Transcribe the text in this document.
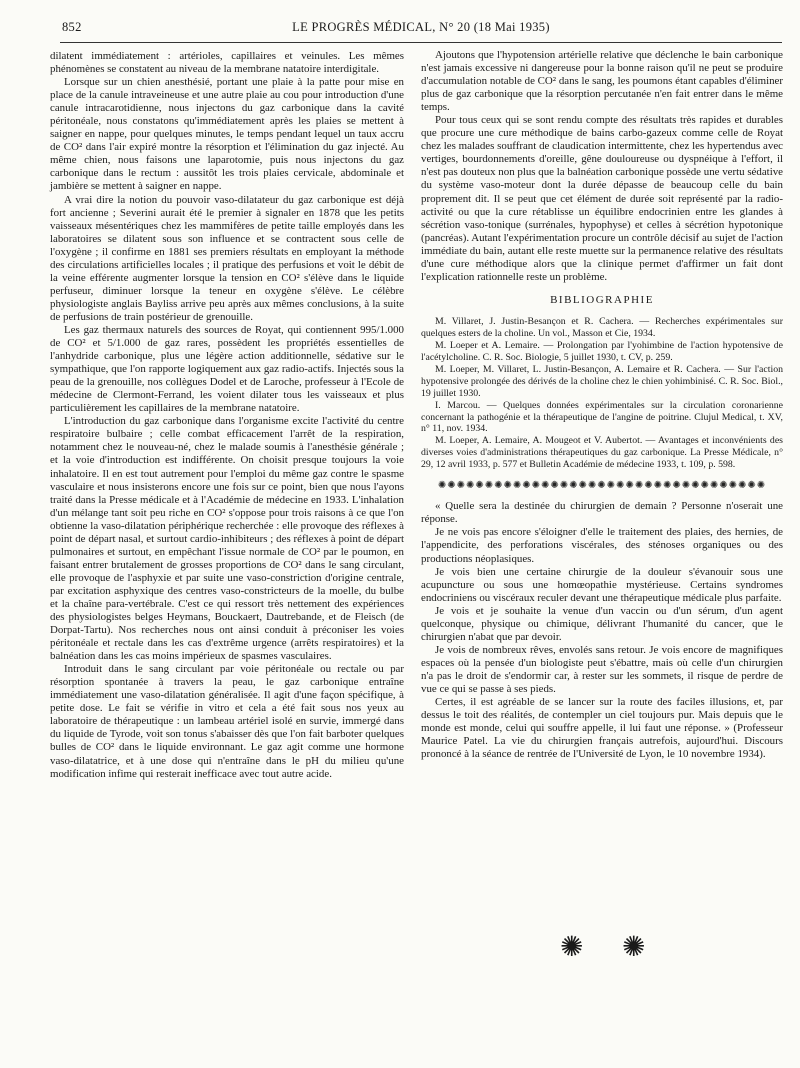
852	LE PROGRÈS MÉDICAL, N° 20 (18 Mai 1935)

dilatent immédiatement : artérioles, capillaires et veinules. Les mêmes phénomènes se constatent au niveau de la membrane natatoire interdigitale.

Lorsque sur un chien anesthésié, portant une plaie à la patte pour mise en place de la canule intraveineuse et une autre plaie au cou pour introduction d'une canule intracarotidienne, nous injectons du gaz carbonique dans la cavité péritonéale, nous constatons qu'immédiatement après les plaies se mettent à saigner en nappe, pour quelques minutes, le temps pendant lequel un taux accru de CO² dans l'air expiré montre la résorption et l'élimination du gaz injecté. Au même chien, nous faisons une laparotomie, puis nous injectons du gaz carbonique dans le rectum : aussitôt les trois plaies cervicale, abdominale et jambière se mettent à saigner en nappe.

A vrai dire la notion du pouvoir vaso-dilatateur du gaz carbonique est déjà fort ancienne ; Severini aurait été le premier à signaler en 1878 que les petits vaisseaux mésentériques chez les mammifères de petite taille employés dans les laboratoires se dilatent sous son influence et se contractent sous celle de l'oxygène ; il confirme en 1881 ses premiers résultats en employant la méthode des circulations artificielles locales ; il pratique des perfusions et voit le débit de la veine efférente augmenter lorsque la tension en CO² s'élève dans le liquide perfuseur, diminuer lorsque la teneur en oxygène s'élève. Le célèbre physiologiste anglais Bayliss arrive peu après aux mêmes conclusions, à la suite de perfusions de train postérieur de grenouille.

Les gaz thermaux naturels des sources de Royat, qui contiennent 995/1.000 de CO² et 5/1.000 de gaz rares, possèdent les propriétés essentielles de l'anhydride carbonique, plus une légère action additionnelle, sédative sur le sympathique, que l'on rapporte logiquement aux gaz radio-actifs. Injectés sous la peau de la grenouille, nos collègues Dodel et de Laroche, professeur à l'Ecole de médecine de Clermont-Ferrand, les voient dilater tous les vaisseaux et plus particulièrement les capillaires de la membrane natatoire.

L'introduction du gaz carbonique dans l'organisme excite l'activité du centre respiratoire bulbaire ; celle combat efficacement l'arrêt de la respiration, notamment chez le nouveau-né, chez le malade soumis à l'anesthésie générale ; et la voie d'introduction est indifférente. On choisit presque toujours la voie inhalatoire. Il en est tout autrement pour l'emploi du même gaz contre le spasme vasculaire et nous insisterons encore une fois sur ce point, bien que nous l'ayons traité dans la Presse médicale et à l'Académie de médecine en 1933. L'inhalation d'un mélange tant soit peu riche en CO² s'oppose pour trois raisons à ce que l'on obtienne la vaso-dilatation périphérique recherchée : elle provoque des réflexes à point de départ nasal, et surtout cardio-inhibiteurs ; des réflexes à point de départ pulmonaires et surtout, en empêchant l'issue normale de CO² par le poumon, en faisant entrer brutalement de grosses proportions de CO² dans le sang circulant, elle provoque de l'asphyxie et par suite une vaso-constriction d'origine centrale, par excitation asphyxique des centres vaso-constricteurs de la moelle, du bulbe et la chaîne para-vertébrale. C'est ce qui ressort très nettement des expériences des physiologistes belges Heymans, Bouckaert, Dautrebande, et de Fleisch (de Dorpat-Tartu). Nos recherches nous ont ainsi conduit à préconiser les voies péritonéale et rectale dans les cas d'extrême urgence (arrêts respiratoires) et la balnéation dans les cas moins impérieux de spasmes vasculaires.

Introduit dans le sang circulant par voie péritonéale ou rectale ou par résorption spontanée à travers la peau, le gaz carbonique entraîne immédiatement une vaso-dilatation généralisée. Il agit d'une façon spécifique, à petite dose. Le fait se vérifie in vitro et cela a été fait sous nos yeux au laboratoire de thérapeutique : un lambeau artériel isolé en survie, immergé dans du liquide de Tyrode, voit son tonus s'abaisser dès que l'on fait barboter quelques bulles de CO² dans le liquide environnant. Le gaz agit comme une hormone vaso-dilatatrice, et à une dose qui n'entraîne dans le pH du milieu qu'une modification infime qui resterait inefficace avec tout autre acide.

Ajoutons que l'hypotension artérielle relative que déclenche le bain carbonique n'est jamais excessive ni dangereuse pour la bonne raison qu'il ne peut se produire d'accumulation notable de CO² dans le sang, les poumons étant capables d'éliminer plus de gaz carbonique que la résorption percutanée n'en fait entrer dans le même temps.

Pour tous ceux qui se sont rendu compte des résultats très rapides et durables que procure une cure méthodique de bains carbo-gazeux comme celle de Royat chez les malades souffrant de claudication intermittente, chez les hypertendus avec vertiges, bourdonnements d'oreille, gêne douloureuse ou dyspnéique à l'effort, il n'est pas douteux non plus que la balnéation carbonique possède une vertu sédative du système vaso-moteur dont la durée dépasse de beaucoup celle du bain proprement dit. Il se peut que cet élément de durée soit représenté par la radio-activité ou que la cure rétablisse un équilibre endocrinien entre les glandes à sécrétion vaso-tonique (surrénales, hypophyse) et celles à sécrétion hypotonique (pancréas). Autant l'expérimentation procure un contrôle décisif au sujet de l'action immédiate du bain, autant elle reste muette sur la permanence relative des résultats d'une cure méthodique alors que la clinique permet d'affirmer un fait dont l'explication rationnelle reste un problème.

BIBLIOGRAPHIE

M. Villaret, J. Justin-Besançon et R. Cachera. — Recherches expérimentales sur quelques esters de la choline. Un vol., Masson et Cie, 1934.

M. Loeper et A. Lemaire. — Prolongation par l'yohimbine de l'action hypotensive de l'acétylcholine. C. R. Soc. Biologie, 5 juillet 1930, t. CV, p. 259.

M. Loeper, M. Villaret, L. Justin-Besançon, A. Lemaire et R. Cachera. — Sur l'action hypotensive prolongée des dérivés de la choline chez le chien yohimbinisé. C. R. Soc. Biol., 19 juillet 1930.

I. Marcou. — Quelques données expérimentales sur la circulation coronarienne concernant la pathogénie et la thérapeutique de l'angine de poitrine. Clujul Medical, t. XV, n° 11, nov. 1934.

M. Loeper, A. Lemaire, A. Mougeot et V. Aubertot. — Avantages et inconvénients des diverses voies d'administrations thérapeutiques du gaz carbonique. La Presse Médicale, n° 29, 12 avril 1933, p. 577 et Bulletin Académie de médecine 1933, t. 109, p. 598.

✺✺✺✺✺✺✺✺✺✺✺✺✺✺✺✺✺✺✺✺✺✺✺✺✺✺✺✺✺✺✺✺✺✺✺

« Quelle sera la destinée du chirurgien de demain ? Personne n'oserait une réponse.

Je ne vois pas encore s'éloigner d'elle le traitement des plaies, des hernies, de l'appendicite, des perforations viscérales, des sténoses organiques ou des productions néoplasiques.

Je vois bien une certaine chirurgie de la douleur s'évanouir sous une acupuncture ou sous une homœopathie mystérieuse. Certains syndromes endocriniens ou viscéraux reculer devant une thérapeutique médicale plus parfaite.

Je vois et je souhaite la venue d'un vaccin ou d'un sérum, d'un agent quelconque, physique ou chimique, délivrant l'humanité du cancer, que le chirurgien n'abat que par devoir.

Je vois de nombreux rêves, envolés sans retour. Je vois encore de magnifiques espaces où la pensée d'un biologiste peut s'ébattre, mais où celle d'un chirurgien n'a pas le droit de s'endormir car, à rester sur les sommets, il risque de perdre de vue ce qui se passe à ses pieds.

Certes, il est agréable de se lancer sur la route des faciles illusions, et, par dessus le toit des réalités, de contempler un ciel toujours pur. Mais depuis que le monde est monde, celui qui souffre appelle, il lui faut une réponse. » (Professeur Maurice Patel. La vie du chirurgien français autrefois, aujourd'hui. Discours prononcé à la séance de rentrée de l'Université de Lyon, le 10 novembre 1934).

✺ ✺
